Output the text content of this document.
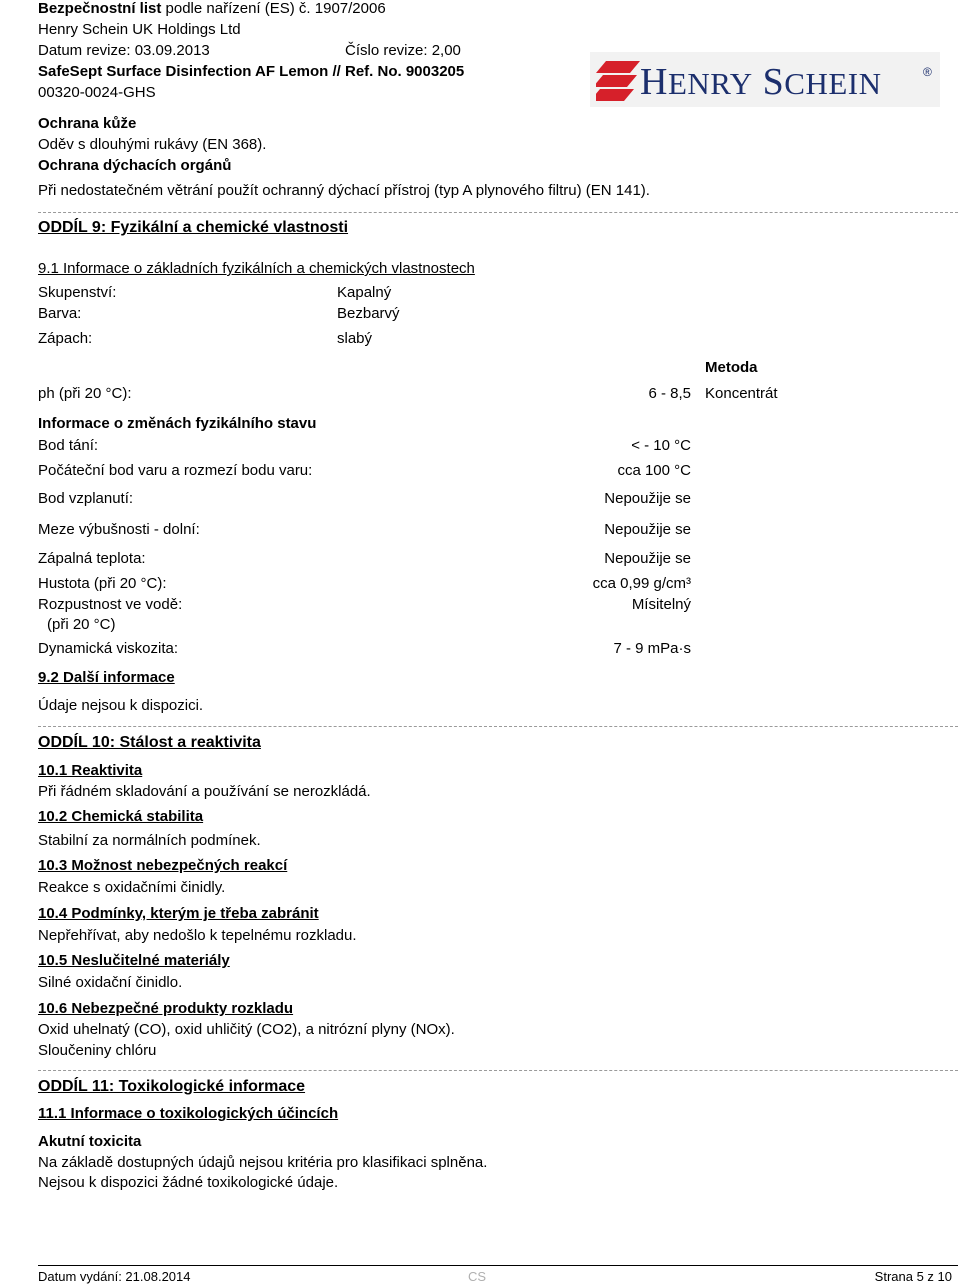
Bezpečnostní list podle nařízení (ES) č. 1907/2006
Henry Schein UK Holdings Ltd
Datum revize: 03.09.2013	Číslo revize: 2,00
SafeSept Surface Disinfection AF Lemon // Ref. No. 9003205
00320-0024-GHS	HENRY SCHEIN	®
Ochrana kůže
Oděv s dlouhými rukávy (EN 368).
Ochrana dýchacích orgánů
Při nedostatečném větrání použít ochranný dýchací přístroj (typ A plynového filtru) (EN 141).
ODDÍL 9: Fyzikální a chemické vlastnosti
9.1 Informace o základních fyzikálních a chemických vlastnostech
Skupenství:	Kapalný
Barva:	Bezbarvý
Zápach:	slabý
Metoda
ph (při 20 °C):	6 - 8,5 Koncentrát
Informace o změnách fyzikálního stavu
Bod tání:	< - 10 °C
Počáteční bod varu a rozmezí bodu varu:	cca 100 °C
Bod vzplanutí:	Nepoužije se
Meze výbušnosti - dolní:	Nepoužije se
Zápalná teplota:	Nepoužije se
Hustota (při 20 °C):	cca 0,99 g/cm³
Rozpustnost ve vodě:	Mísitelný
(při 20 °C)
Dynamická viskozita:	7 - 9 mPa·s
9.2 Další informace
Údaje nejsou k dispozici.
ODDÍL 10: Stálost a reaktivita
10.1 Reaktivita
Při řádném skladování a používání se nerozkládá.
10.2 Chemická stabilita
Stabilní za normálních podmínek.
10.3 Možnost nebezpečných reakcí
Reakce s oxidačními činidly.
10.4 Podmínky, kterým je třeba zabránit
Nepřehřívat, aby nedošlo k tepelnému rozkladu.
10.5 Neslučitelné materiály
Silné oxidační činidlo.
10.6 Nebezpečné produkty rozkladu
Oxid uhelnatý (CO), oxid uhličitý (CO2), a nitrózní plyny (NOx).
Sloučeniny chlóru
ODDÍL 11: Toxikologické informace
11.1 Informace o toxikologických účincích
Akutní toxicita
Na základě dostupných údajů nejsou kritéria pro klasifikaci splněna.
Nejsou k dispozici žádné toxikologické údaje.
Datum vydání: 21.08.2014	CS	Strana 5 z 10
